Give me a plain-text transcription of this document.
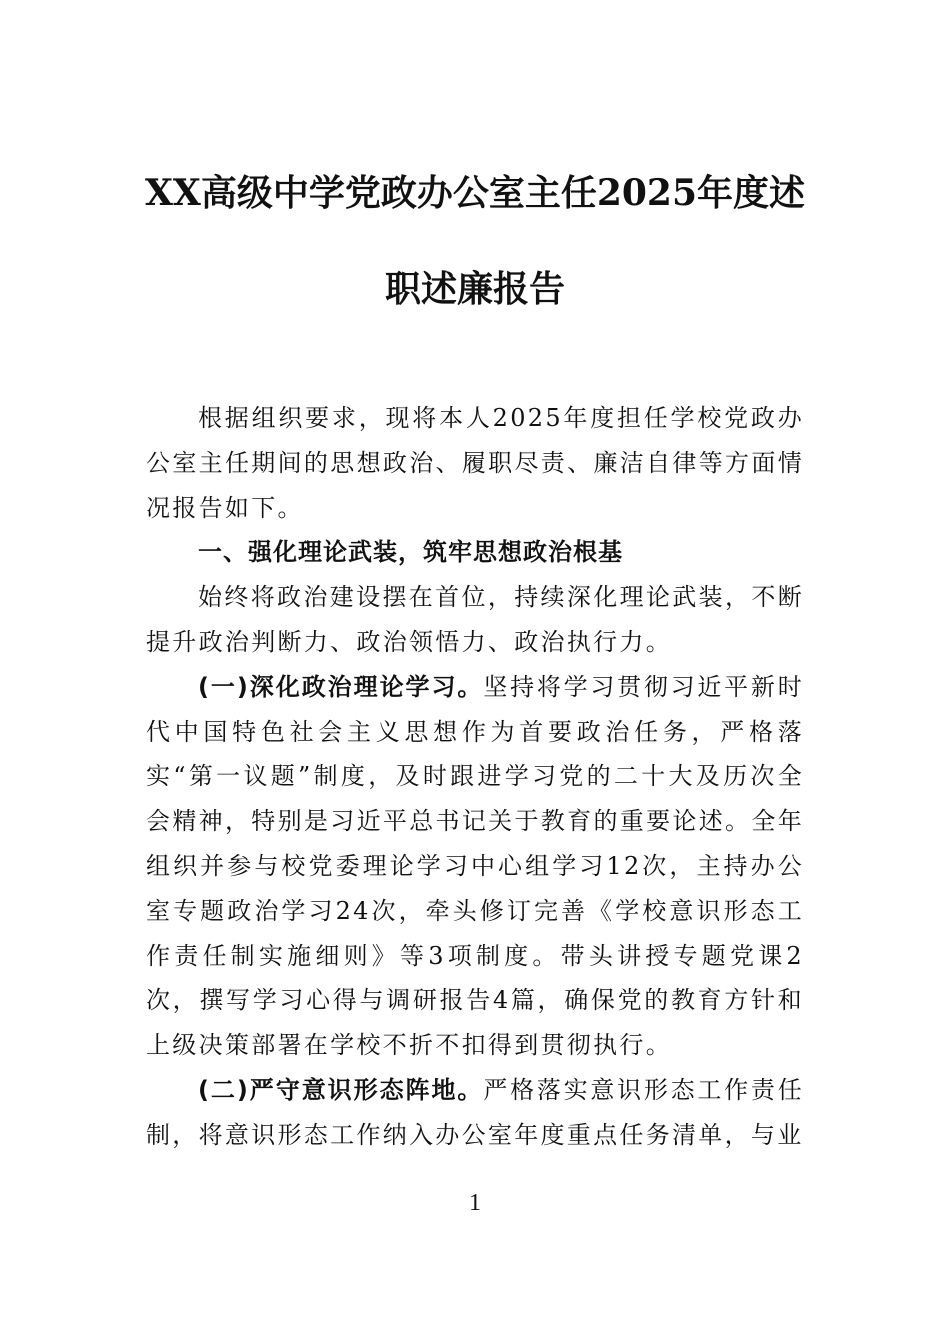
XX高级中学党政办公室主任2025年度述
职述廉报告

根据组织要求，现将本人2025年度担任学校党政办公室主任期间的思想政治、履职尽责、廉洁自律等方面情况报告如下。

一、强化理论武装，筑牢思想政治根基

始终将政治建设摆在首位，持续深化理论武装，不断提升政治判断力、政治领悟力、政治执行力。

(一)深化政治理论学习。坚持将学习贯彻习近平新时代中国特色社会主义思想作为首要政治任务，严格落实“第一议题”制度，及时跟进学习党的二十大及历次全会精神，特别是习近平总书记关于教育的重要论述。全年组织并参与校党委理论学习中心组学习12次，主持办公室专题政治学习24次，牵头修订完善《学校意识形态工作责任制实施细则》等3项制度。带头讲授专题党课2次，撰写学习心得与调研报告4篇，确保党的教育方针和上级决策部署在学校不折不扣得到贯彻执行。

(二)严守意识形态阵地。严格落实意识形态工作责任制，将意识形态工作纳入办公室年度重点任务清单，与业

1
